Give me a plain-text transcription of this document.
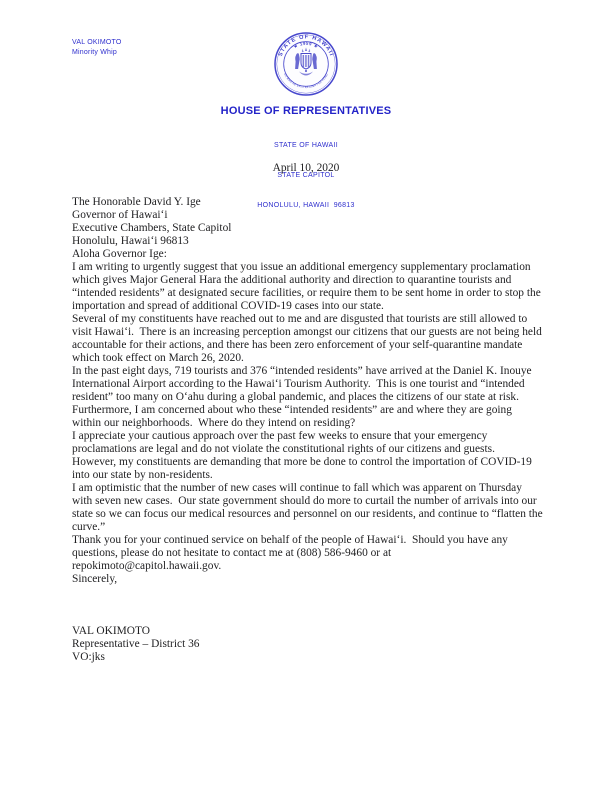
VAL OKIMOTO
Minority Whip	STATE OF HAWAII
★ 1959 ★
UA MAU KE EA O KA AINA I KA PONO
HOUSE OF REPRESENTATIVES

STATE OF HAWAII

STATE CAPITOL

HONOLULU, HAWAII  96813

April 10, 2020

The Honorable David Y. Ige

Governor of Hawai‘i

Executive Chambers, State Capitol

Honolulu, Hawai‘i 96813

Aloha Governor Ige:

I am writing to urgently suggest that you issue an additional emergency supplementary proclamation which gives Major General Hara the additional authority and direction to quarantine tourists and “intended residents” at designated secure facilities, or require them to be sent home in order to stop the importation and spread of additional COVID-19 cases into our state.

Several of my constituents have reached out to me and are disgusted that tourists are still allowed to visit Hawai‘i.  There is an increasing perception amongst our citizens that our guests are not being held accountable for their actions, and there has been zero enforcement of your self-quarantine mandate which took effect on March 26, 2020.

In the past eight days, 719 tourists and 376 “intended residents” have arrived at the Daniel K. Inouye International Airport according to the Hawai‘i Tourism Authority.  This is one tourist and “intended resident” too many on O‘ahu during a global pandemic, and places the citizens of our state at risk.  Furthermore, I am concerned about who these “intended residents” are and where they are going within our neighborhoods.  Where do they intend on residing?

I appreciate your cautious approach over the past few weeks to ensure that your emergency proclamations are legal and do not violate the constitutional rights of our citizens and guests.  However, my constituents are demanding that more be done to control the importation of COVID-19 into our state by non-residents.

I am optimistic that the number of new cases will continue to fall which was apparent on Thursday with seven new cases.  Our state government should do more to curtail the number of arrivals into our state so we can focus our medical resources and personnel on our residents, and continue to “flatten the curve.”

Thank you for your continued service on behalf of the people of Hawai‘i.  Should you have any questions, please do not hesitate to contact me at (808) 586-9460 or at repokimoto@capitol.hawaii.gov.

Sincerely,

VAL OKIMOTO

Representative – District 36

VO:jks
